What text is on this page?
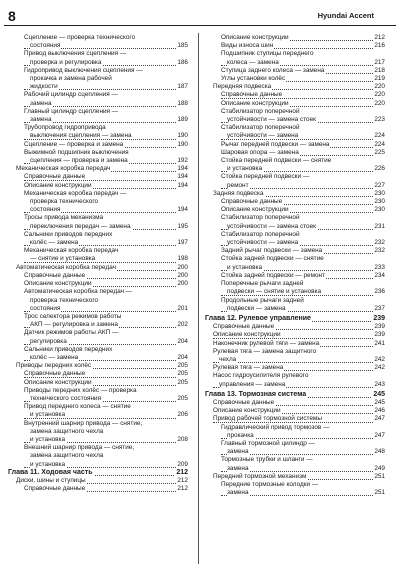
8	Hyundai Accent
Сцепление — проверка технического
состояния	185
Привод выключения сцепления —
проверка и регулировка	186
Гидропривод выключения сцепления —
прокачка и замена рабочей
жидкости	187
Рабочий цилиндр сцепления —
замена	188
Главный цилиндр сцепления —
замена	189
Трубопровод гидропривода
выключения сцепления — замена	190
Сцепление — проверка и замена	190
Выжимной подшипник выключения
сцепления — проверка и замена	192
Механическая коробка передач	194
Справочные данные	194
Описание конструкции	194
Механическая коробка передач —
проверка технического
состояния	194
Тросы привода механизма
переключения передач — замена	195
Сальники приводов передних
колёс — замена	197
Механическая коробка передач
— снятие и установка	198
Автоматическая коробка передач	200
Справочные данные	200
Описание конструкции	200
Автоматическая коробка передач —
проверка технического
состояния	201
Трос селектора режимов работы
АКП — регулировка и замена	202
Датчик режимов работы АКП —
регулировка	204
Сальники приводов передних
колёс — замена	204
Приводы передних колёс	205
Справочные данные	205
Описание конструкции	205
Приводы передних колёс — проверка
технического состояния	205
Привод переднего колеса — снятие
и установка	206
Внутренний шарнир привода — снятие,
замена защитного чехла
и установка	208
Внешний шарнир привода — снятие,
замена защитного чехла
и установка	209
Глава 11. Ходовая часть	212
Диски, шины и ступицы	212
Справочные данные	212
Описание конструкции	212
Виды износа шин	216
Подшипник ступицы переднего
колеса — замена	217
Ступица заднего колеса — замена	218
Углы установки колёс	219
Передняя подвеска	220
Справочные данные	220
Описание конструкции	220
Стабилизатор поперечной
устойчивости — замена стоек	223
Стабилизатор поперечной
устойчивости — замена	224
Рычаг передней подвески — замена	224
Шаровая опора — замена	225
Стойка передней подвески — снятие
и установка	226
Стойка передней подвески —
ремонт	227
Задняя подвеска	230
Справочные данные	230
Описание конструкции	230
Стабилизатор поперечной
устойчивости — замена стоек	231
Стабилизатор поперечной
устойчивости — замена	232
Задний рычаг подвески — замена	232
Стойка задней подвески — снятие
и установка	233
Стойка задней подвески — ремонт	234
Поперечные рычаги задней
подвески — снятие и установка	236
Продольные рычаги задней
подвески — замена	237
Глава 12. Рулевое управление	239
Справочные данные	239
Описание конструкции	239
Наконечник рулевой тяги — замена	241
Рулевая тяга — замена защитного
чехла	242
Рулевая тяга — замена	242
Насос гидроусилителя рулевого
управления — замена	243
Глава 13. Тормозная система	245
Справочные данные	245
Описание конструкции	246
Привод рабочей тормозной системы	247
Гидравлический привод тормозов —
прокачка	247
Главный тормозной цилиндр —
замена	248
Тормозные трубки и шланги —
замена	249
Передний тормозной механизм	251
Передние тормозные колодки —
замена	251
